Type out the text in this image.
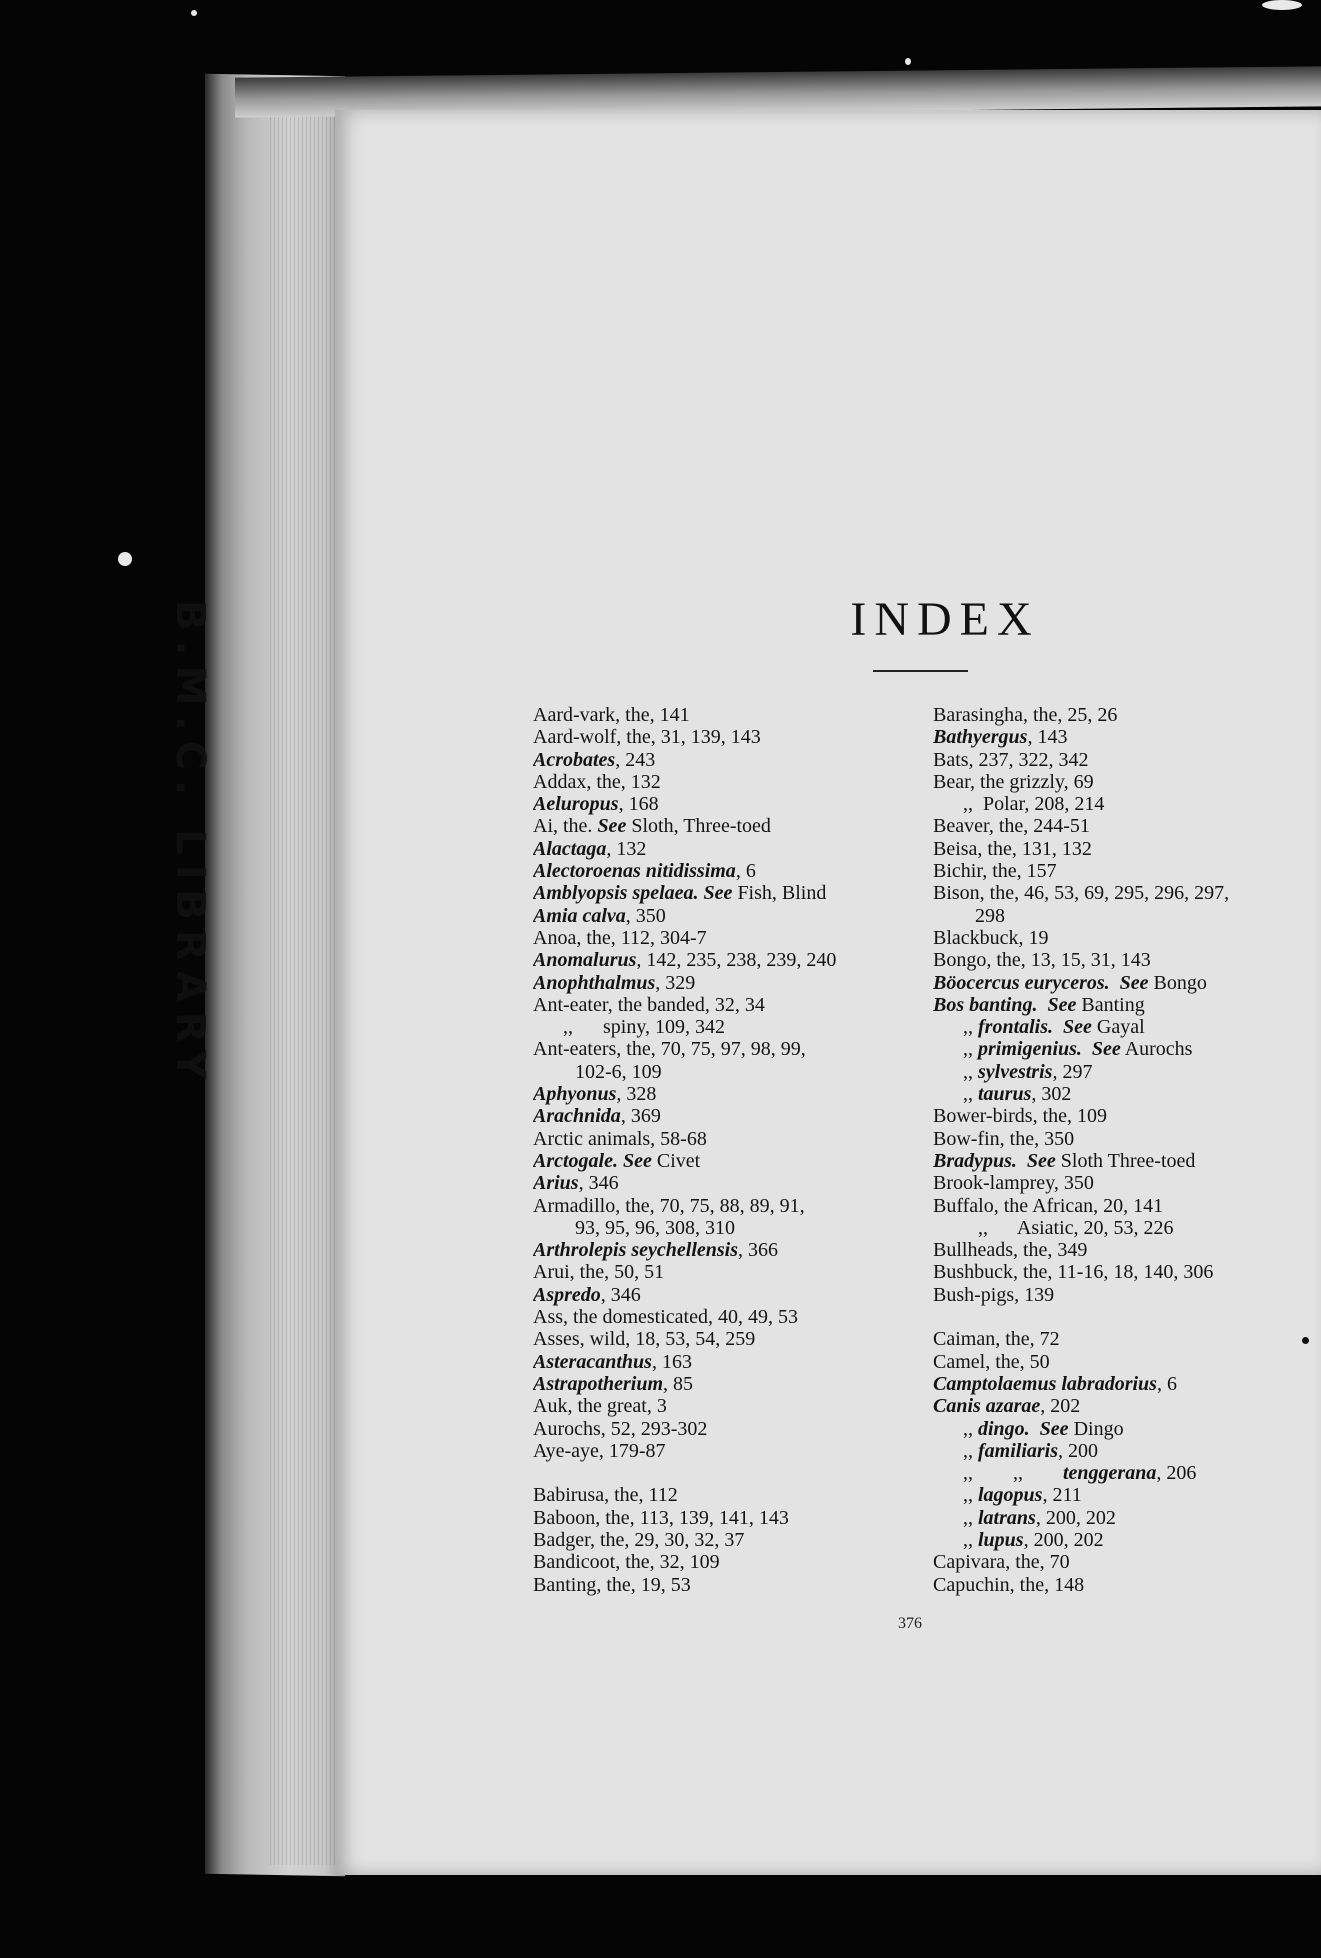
B.M.C. LIBRARY	INDEX
Aard-vark, the, 141
Aard-wolf, the, 31, 139, 143
Acrobates, 243
Addax, the, 132
Aeluropus, 168
Ai, the. See Sloth, Three-toed
Alactaga, 132
Alectoroenas nitidissima, 6
Amblyopsis spelaea. See Fish, Blind
Amia calva, 350
Anoa, the, 112, 304-7
Anomalurus, 142, 235, 238, 239, 240
Anophthalmus, 329
Ant-eater, the banded, 32, 34
,,      spiny, 109, 342
Ant-eaters, the, 70, 75, 97, 98, 99,
102-6, 109
Aphyonus, 328
Arachnida, 369
Arctic animals, 58-68
Arctogale. See Civet
Arius, 346
Armadillo, the, 70, 75, 88, 89, 91,
93, 95, 96, 308, 310
Arthrolepis seychellensis, 366
Arui, the, 50, 51
Aspredo, 346
Ass, the domesticated, 40, 49, 53
Asses, wild, 18, 53, 54, 259
Asteracanthus, 163
Astrapotherium, 85
Auk, the great, 3
Aurochs, 52, 293-302
Aye-aye, 179-87
Babirusa, the, 112
Baboon, the, 113, 139, 141, 143
Badger, the, 29, 30, 32, 37
Bandicoot, the, 32, 109
Banting, the, 19, 53
Barasingha, the, 25, 26
Bathyergus, 143
Bats, 237, 322, 342
Bear, the grizzly, 69
,,  Polar, 208, 214
Beaver, the, 244-51
Beisa, the, 131, 132
Bichir, the, 157
Bison, the, 46, 53, 69, 295, 296, 297,
298
Blackbuck, 19
Bongo, the, 13, 15, 31, 143
Böocercus euryceros.  See Bongo
Bos banting.  See Banting
,, frontalis.  See Gayal
,, primigenius.  See Aurochs
,, sylvestris, 297
,, taurus, 302
Bower-birds, the, 109
Bow-fin, the, 350
Bradypus.  See Sloth Three-toed
Brook-lamprey, 350
Buffalo, the African, 20, 141
,,      Asiatic, 20, 53, 226
Bullheads, the, 349
Bushbuck, the, 11-16, 18, 140, 306
Bush-pigs, 139
Caiman, the, 72
Camel, the, 50
Camptolaemus labradorius, 6
Canis azarae, 202
,, dingo.  See Dingo
,, familiaris, 200
,,        ,,        tenggerana, 206
,, lagopus, 211
,, latrans, 200, 202
,, lupus, 200, 202
Capivara, the, 70
Capuchin, the, 148
376
